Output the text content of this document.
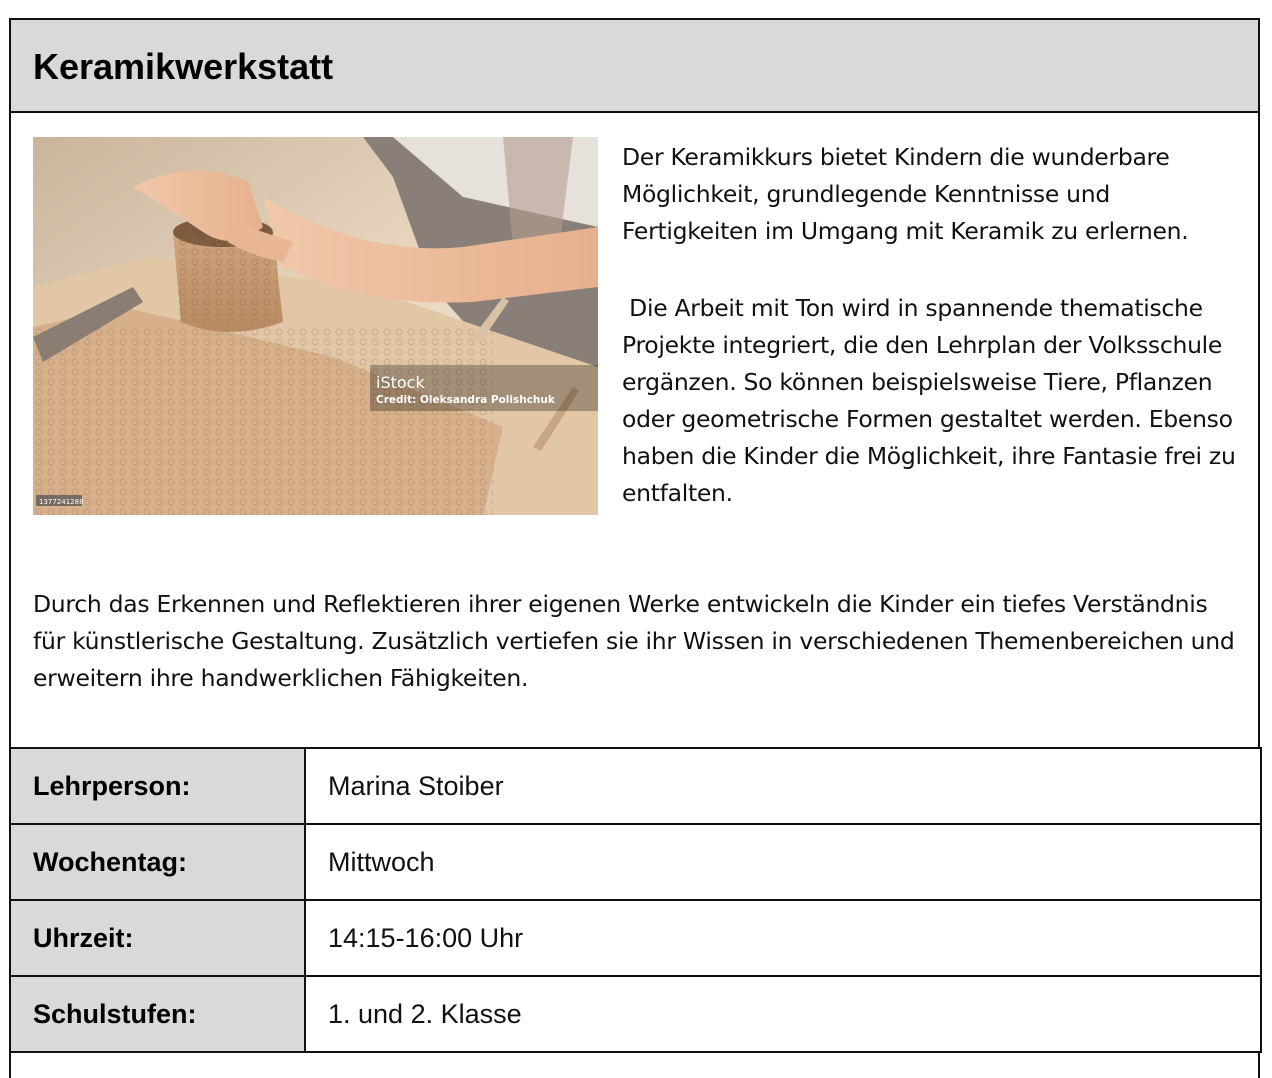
Keramikwerkstatt
iStock
Credit: Oleksandra Polishchuk
1377241288

Der Keramikkurs bietet Kindern die wunderbare Möglichkeit, grundlegende Kenntnisse und Fertigkeiten im Umgang mit Keramik zu erlernen.

Die Arbeit mit Ton wird in spannende thematische Projekte integriert, die den Lehrplan der Volksschule ergänzen. So können beispielsweise Tiere, Pflanzen oder geometrische Formen gestaltet werden. Ebenso haben die Kinder die Möglichkeit, ihre Fantasie frei zu entfalten.

Durch das Erkennen und Reflektieren ihrer eigenen Werke entwickeln die Kinder ein tiefes Verständnis für künstlerische Gestaltung. Zusätzlich vertiefen sie ihr Wissen in verschiedenen Themenbereichen und erweitern ihre handwerklichen Fähigkeiten.

Lehrperson:	Marina Stoiber
Wochentag:	Mittwoch
Uhrzeit:	14:15-16:00 Uhr
Schulstufen:	1. und 2. Klasse
